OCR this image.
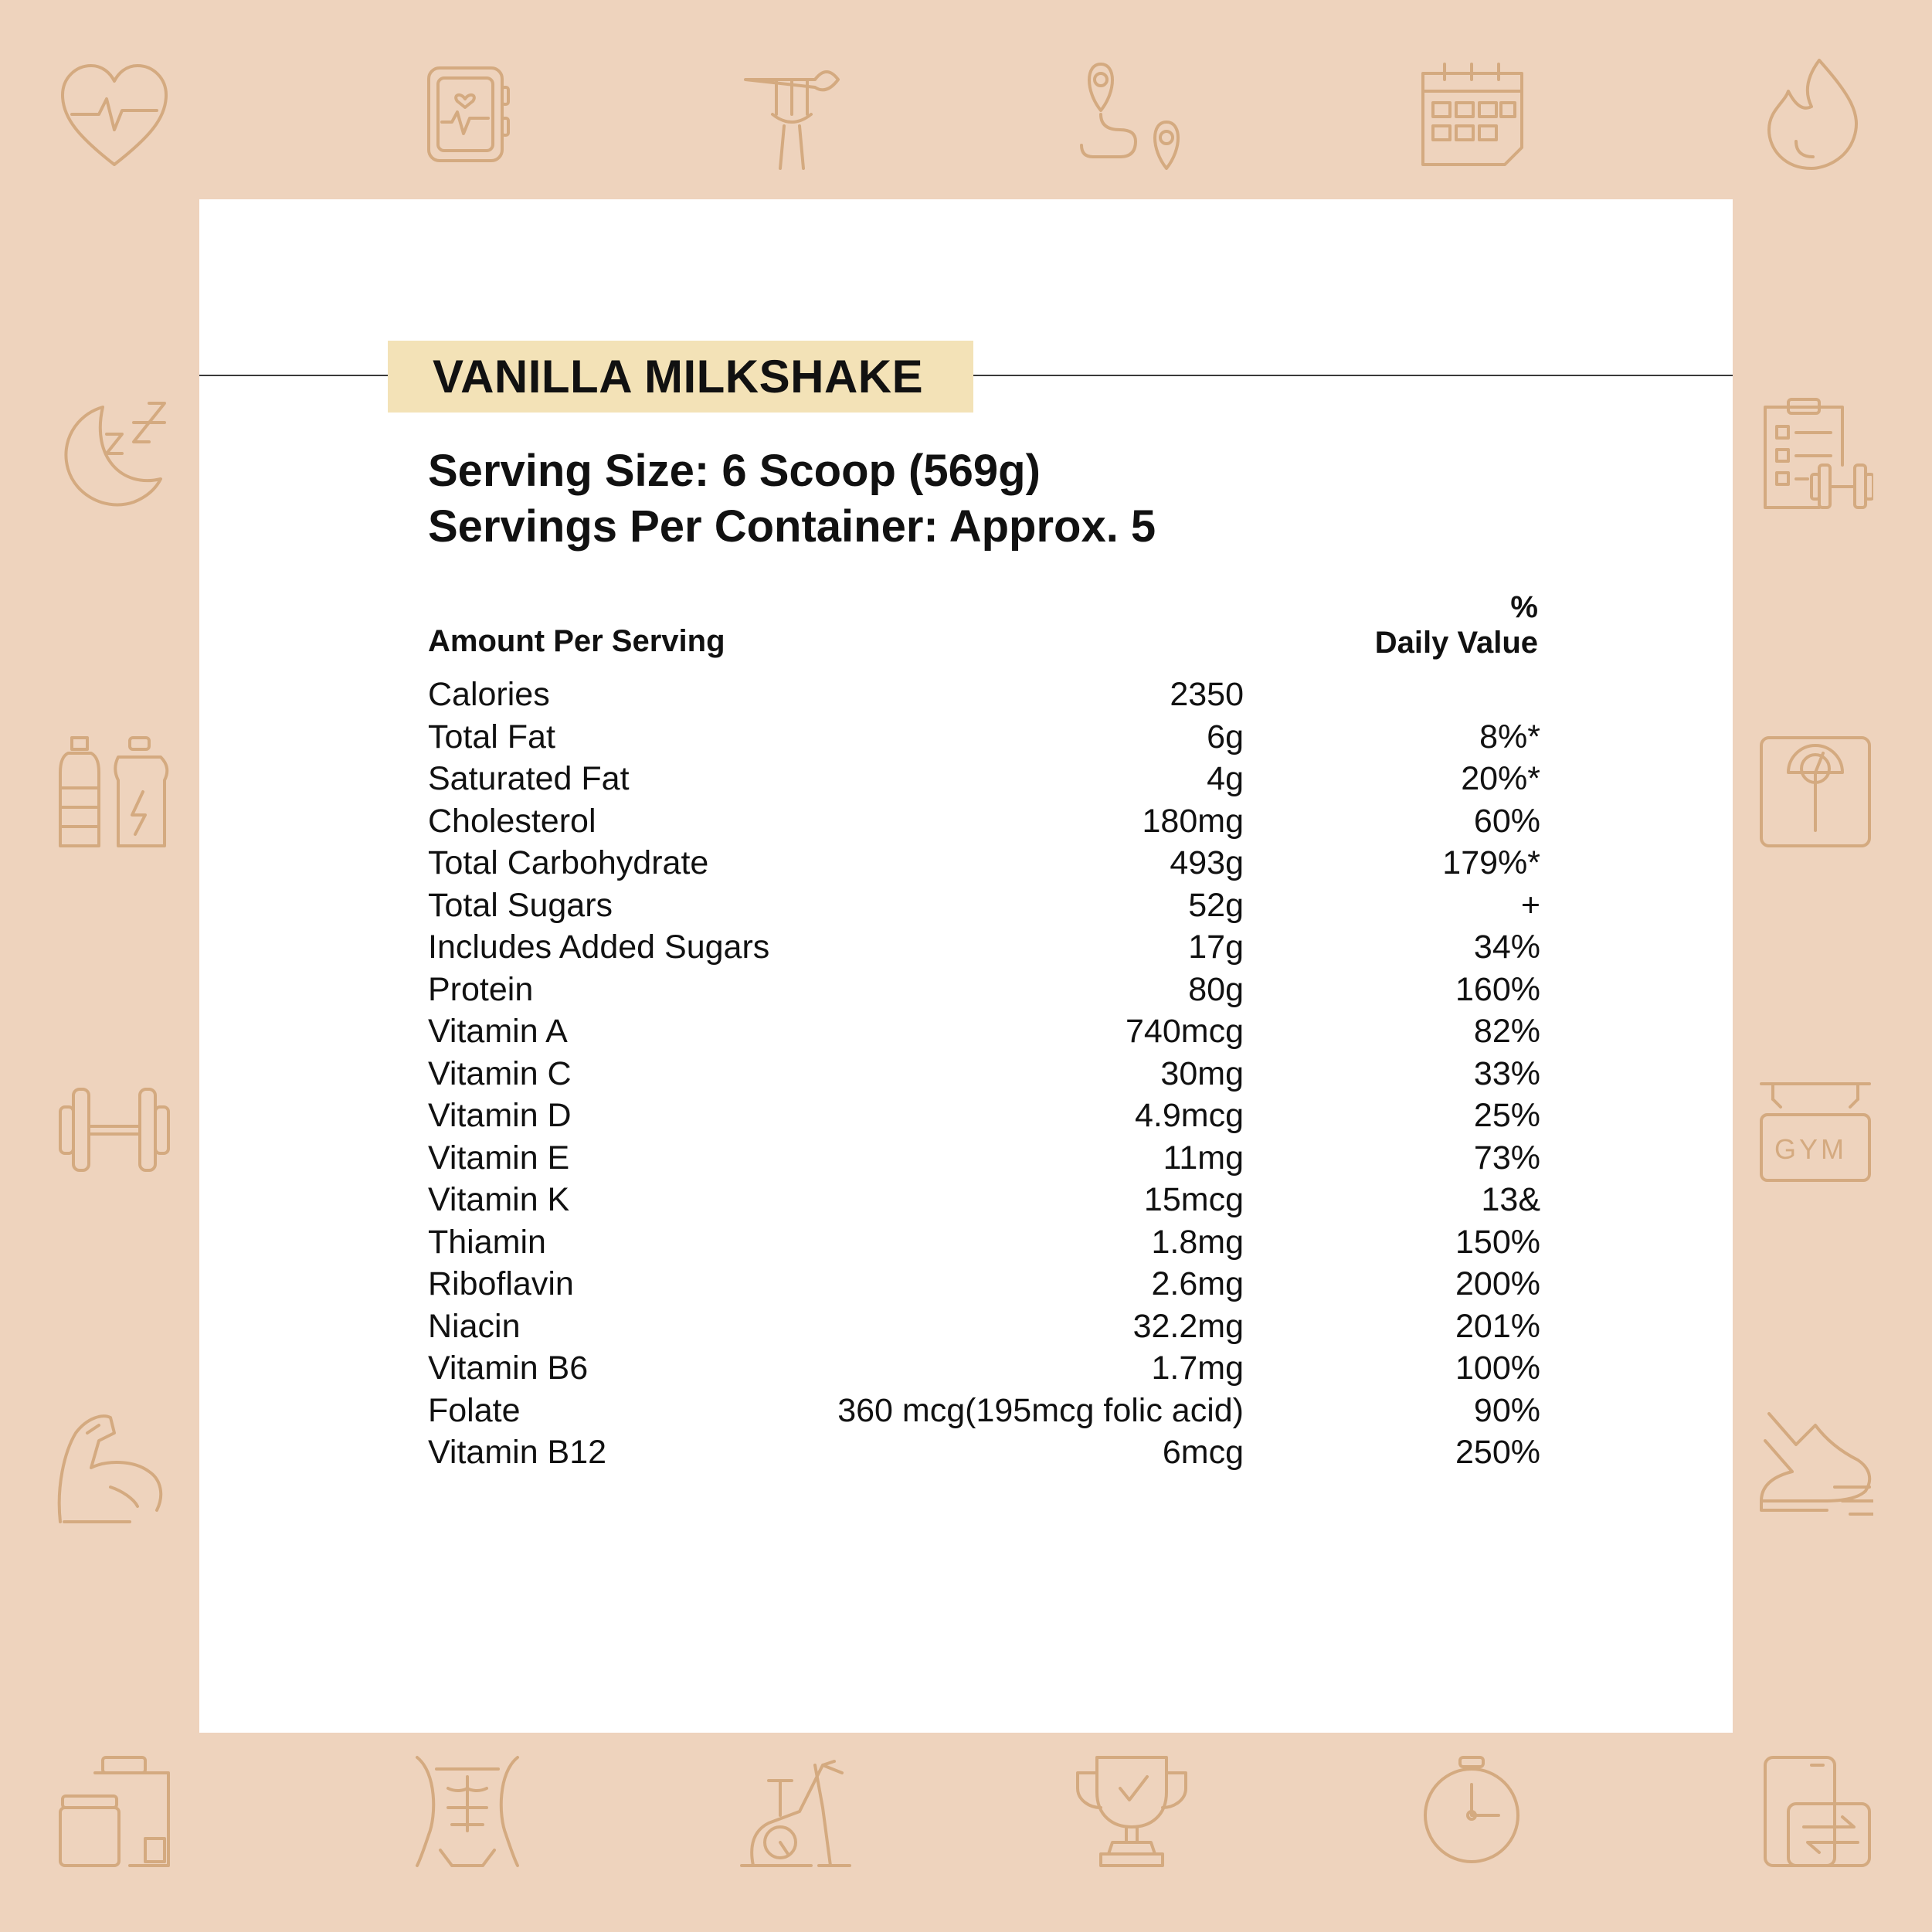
GYM
VANILLA MILKSHAKE
Serving Size: 6 Scoop (569g)
Servings Per Container: Approx. 5
Amount Per Serving
%
Daily Value
Calories	2350
Total Fat	6g	8%*
Saturated Fat	4g	20%*
Cholesterol	180mg	60%
Total Carbohydrate	493g	179%*
Total Sugars	52g	+
Includes Added Sugars	17g	34%
Protein	80g	160%
Vitamin A	740mcg	82%
Vitamin C	30mg	33%
Vitamin D	4.9mcg	25%
Vitamin E	11mg	73%
Vitamin K	15mcg	13&
Thiamin	1.8mg	150%
Riboflavin	2.6mg	200%
Niacin	32.2mg	201%
Vitamin B6	1.7mg	100%
Folate	360 mcg(195mcg folic acid)	90%
Vitamin B12	6mcg	250%
